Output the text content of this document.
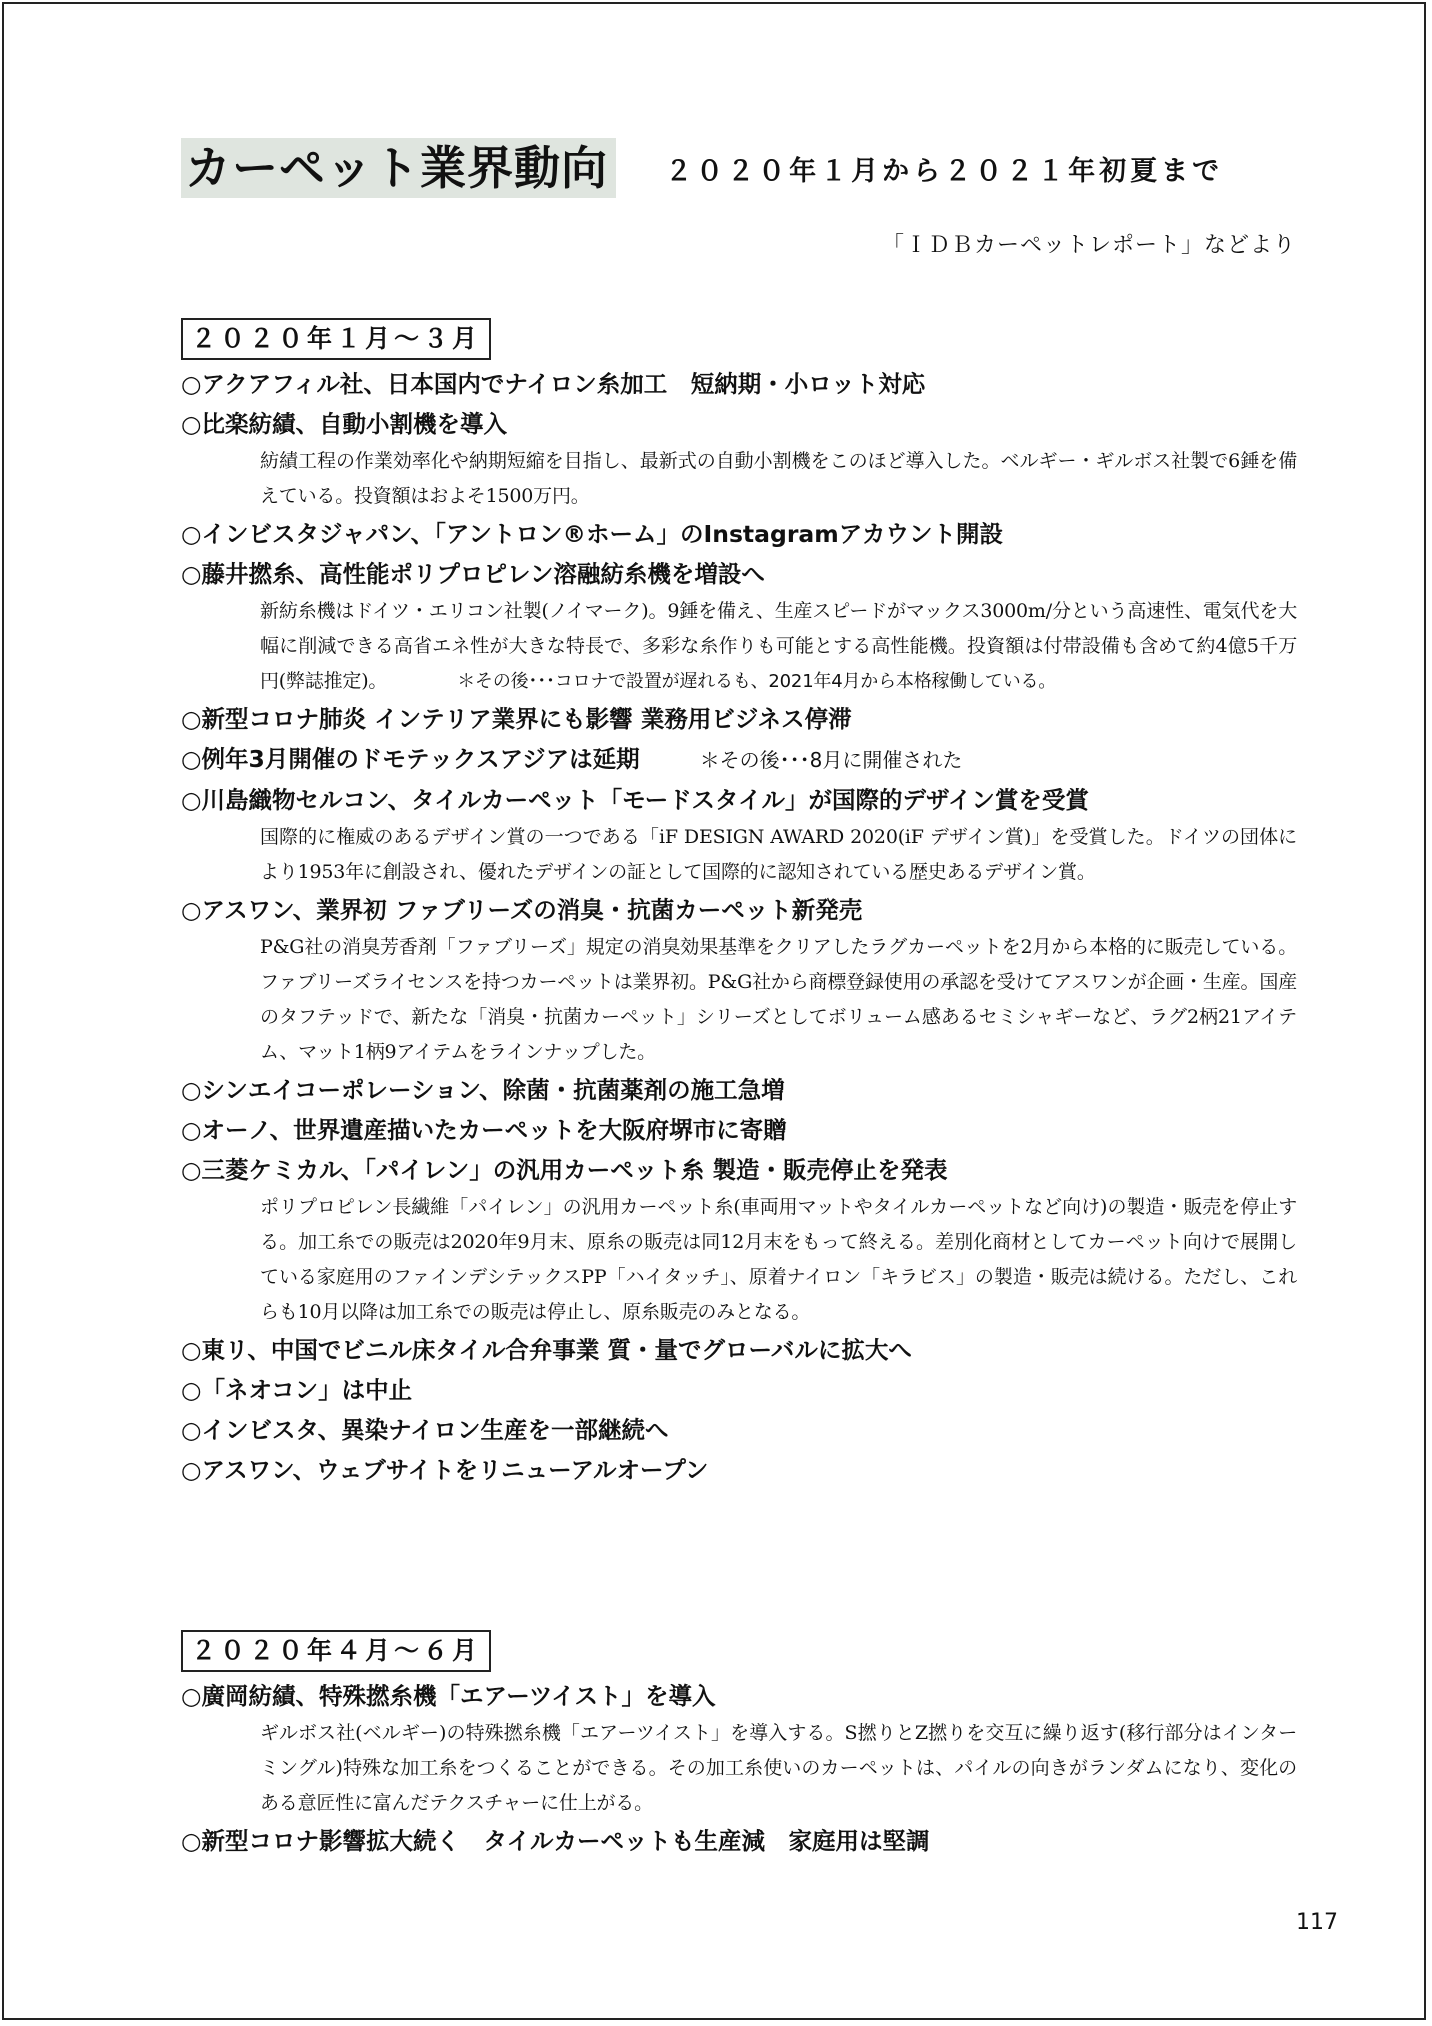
カーペット業界動向 ２０２０年１月から２０２１年初夏まで
「ＩＤＢカーペットレポート」などより
２０２０年１月～３月
○アクアフィル社、日本国内でナイロン糸加工　短納期・小ロット対応
○比楽紡績、自動小割機を導入
紡績工程の作業効率化や納期短縮を目指し、最新式の自動小割機をこのほど導入した。ベルギー・ギルボス社製で6錘を備えている。投資額はおよそ1500万円。
○インビスタジャパン、「アントロン®ホーム」のInstagramアカウント開設
○藤井撚糸、高性能ポリプロピレン溶融紡糸機を増設へ
新紡糸機はドイツ・エリコン社製(ノイマーク)。9錘を備え、生産スピードがマックス3000m/分という高速性、電気代を大幅に削減できる高省エネ性が大きな特長で、多彩な糸作りも可能とする高性能機。投資額は付帯設備も含めて約4億5千万円(弊誌推定)。	＊その後･･･コロナで設置が遅れるも、2021年4月から本格稼働している。
○新型コロナ肺炎 インテリア業界にも影響 業務用ビジネス停滞
○例年3月開催のドモテックスアジアは延期	＊その後･･･8月に開催された
○川島織物セルコン、タイルカーペット「モードスタイル」が国際的デザイン賞を受賞
国際的に権威のあるデザイン賞の一つである「iF DESIGN AWARD 2020(iF デザイン賞)」を受賞した。ドイツの団体により1953年に創設され、優れたデザインの証として国際的に認知されている歴史あるデザイン賞。
○アスワン、業界初 ファブリーズの消臭・抗菌カーペット新発売
P&G社の消臭芳香剤「ファブリーズ」規定の消臭効果基準をクリアしたラグカーペットを2月から本格的に販売している。ファブリーズライセンスを持つカーペットは業界初。P&G社から商標登録使用の承認を受けてアスワンが企画・生産。国産のタフテッドで、新たな「消臭・抗菌カーペット」シリーズとしてボリューム感あるセミシャギーなど、ラグ2柄21アイテム、マット1柄9アイテムをラインナップした。
○シンエイコーポレーション、除菌・抗菌薬剤の施工急増
○オーノ、世界遺産描いたカーペットを大阪府堺市に寄贈
○三菱ケミカル、「パイレン」の汎用カーペット糸 製造・販売停止を発表
ポリプロピレン長繊維「パイレン」の汎用カーペット糸(車両用マットやタイルカーペットなど向け)の製造・販売を停止する。加工糸での販売は2020年9月末、原糸の販売は同12月末をもって終える。差別化商材としてカーペット向けで展開している家庭用のファインデシテックスPP「ハイタッチ」、原着ナイロン「キラビス」の製造・販売は続ける。ただし、これらも10月以降は加工糸での販売は停止し、原糸販売のみとなる。
○東リ、中国でビニル床タイル合弁事業 質・量でグローバルに拡大へ
○「ネオコン」は中止
○インビスタ、異染ナイロン生産を一部継続へ
○アスワン、ウェブサイトをリニューアルオープン
２０２０年４月～６月
○廣岡紡績、特殊撚糸機「エアーツイスト」を導入
ギルボス社(ベルギー)の特殊撚糸機「エアーツイスト」を導入する。S撚りとZ撚りを交互に繰り返す(移行部分はインターミングル)特殊な加工糸をつくることができる。その加工糸使いのカーペットは、パイルの向きがランダムになり、変化のある意匠性に富んだテクスチャーに仕上がる。
○新型コロナ影響拡大続く　タイルカーペットも生産減　家庭用は堅調
117
